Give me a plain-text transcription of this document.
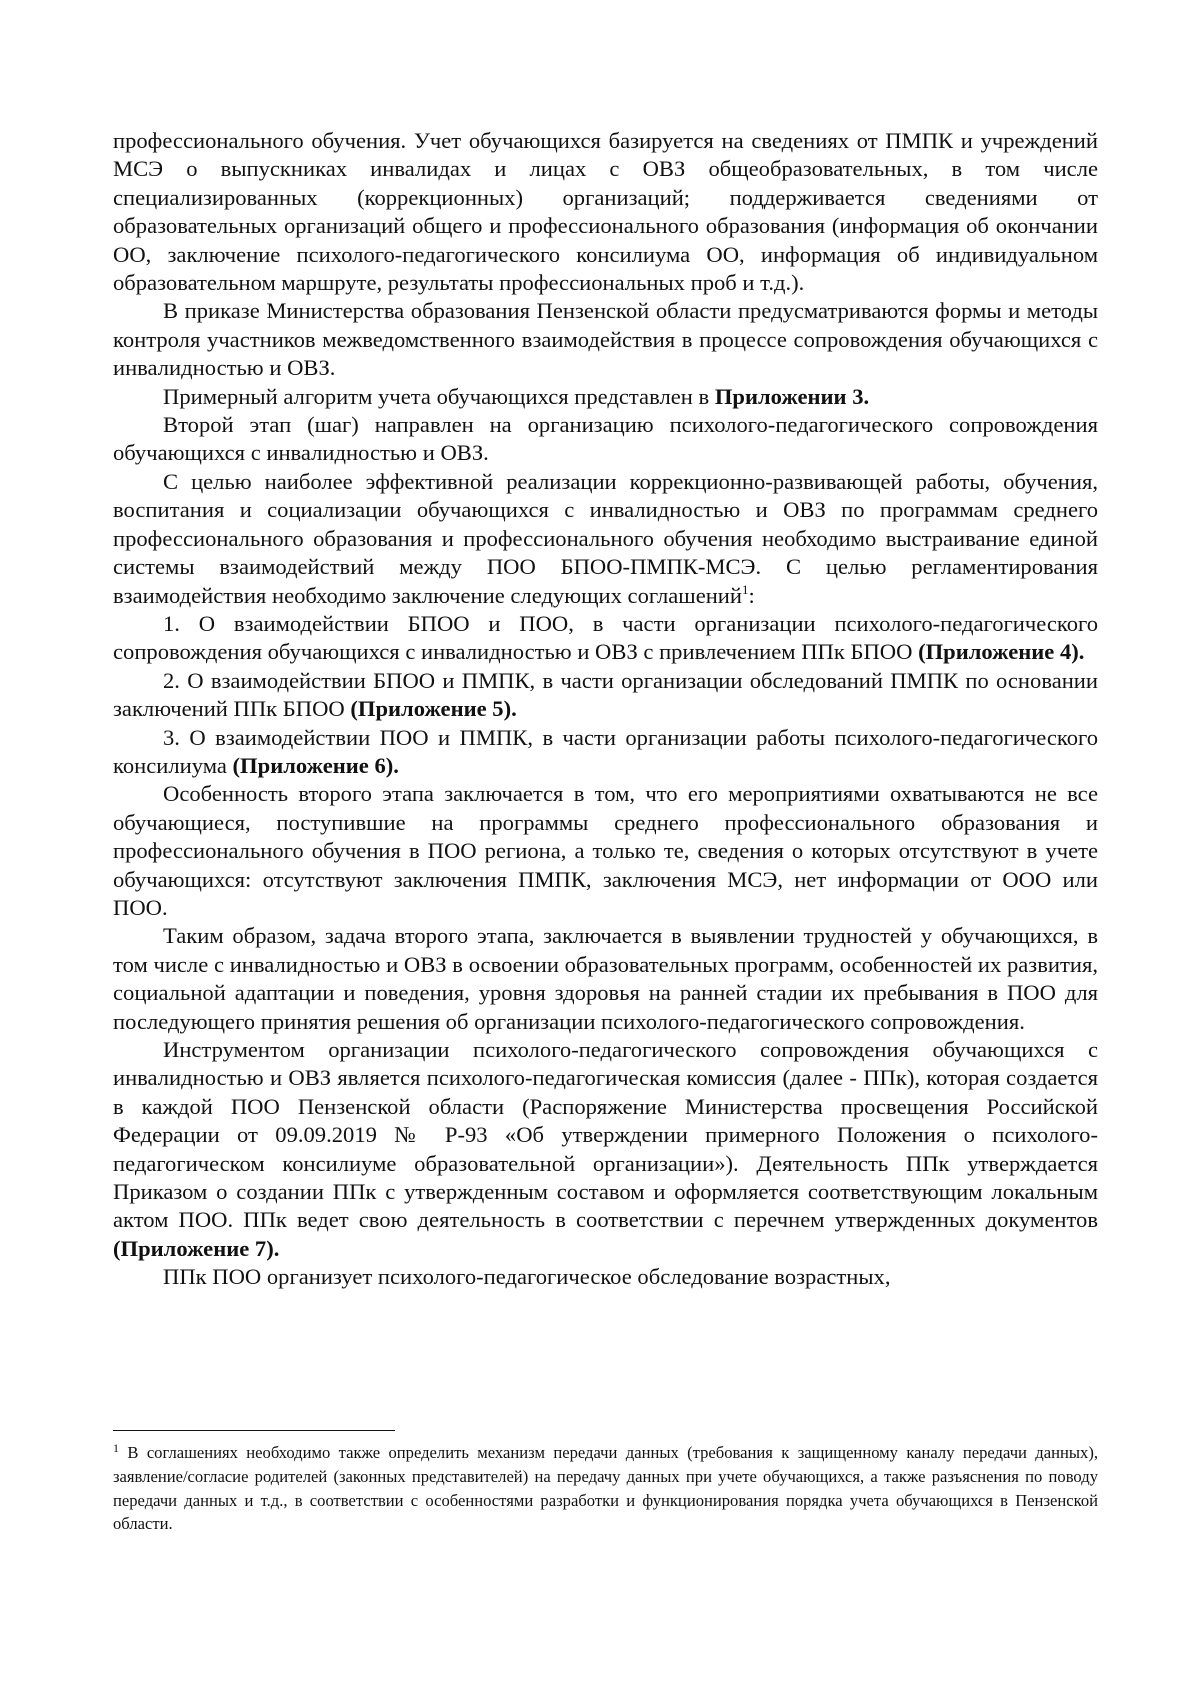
профессионального обучения. Учет обучающихся базируется на сведениях от ПМПК и учреждений МСЭ о выпускниках инвалидах и лицах с ОВЗ общеобразовательных, в том числе специализированных (коррекционных) организаций; поддерживается сведениями от образовательных организаций общего и профессионального образования (информация об окончании ОО, заключение психолого-педагогического консилиума ОО, информация об индивидуальном образовательном маршруте, результаты профессиональных проб и т.д.).

В приказе Министерства образования Пензенской области предусматриваются формы и методы контроля участников межведомственного взаимодействия в процессе сопровождения обучающихся с инвалидностью и ОВЗ.

Примерный алгоритм учета обучающихся представлен в Приложении 3.

Второй этап (шаг) направлен на организацию психолого-педагогического сопровождения обучающихся с инвалидностью и ОВЗ.

С целью наиболее эффективной реализации коррекционно-развивающей работы, обучения, воспитания и социализации обучающихся с инвалидностью и ОВЗ по программам среднего профессионального образования и профессионального обучения необходимо выстраивание единой системы взаимодействий между ПОО БПОО-ПМПК-МСЭ. С целью регламентирования взаимодействия необходимо заключение следующих соглашений$^1$:

1. О взаимодействии БПОО и ПОО, в части организации психолого-педагогического сопровождения обучающихся с инвалидностью и ОВЗ с привлечением ППк БПОО (Приложение 4).

2. О взаимодействии БПОО и ПМПК, в части организации обследований ПМПК по основании заключений ППк БПОО (Приложение 5).

3. О взаимодействии ПОО и ПМПК, в части организации работы психолого-педагогического консилиума (Приложение 6).

Особенность второго этапа заключается в том, что его мероприятиями охватываются не все обучающиеся, поступившие на программы среднего профессионального образования и профессионального обучения в ПОО региона, а только те, сведения о которых отсутствуют в учете обучающихся: отсутствуют заключения ПМПК, заключения МСЭ, нет информации от ООО или ПОО.

Таким образом, задача второго этапа, заключается в выявлении трудностей у обучающихся, в том числе с инвалидностью и ОВЗ в освоении образовательных программ, особенностей их развития, социальной адаптации и поведения, уровня здоровья на ранней стадии их пребывания в ПОО для последующего принятия решения об организации психолого-педагогического сопровождения.

Инструментом организации психолого-педагогического сопровождения обучающихся с инвалидностью и ОВЗ является психолого-педагогическая комиссия (далее - ППк), которая создается в каждой ПОО Пензенской области (Распоряжение Министерства просвещения Российской Федерации от 09.09.2019 № Р-93 «Об утверждении примерного Положения о психолого-педагогическом консилиуме образовательной организации»). Деятельность ППк утверждается Приказом о создании ППк с утвержденным составом и оформляется соответствующим локальным актом ПОО. ППк ведет свою деятельность в соответствии с перечнем утвержденных документов (Приложение 7).

ППк ПОО организует психолого-педагогическое обследование возрастных,

$^1$ В соглашениях необходимо также определить механизм передачи данных (требования к защищенному каналу передачи данных), заявление/согласие родителей (законных представителей) на передачу данных при учете обучающихся, а также разъяснения по поводу передачи данных и т.д., в соответствии с особенностями разработки и функционирования порядка учета обучающихся в Пензенской области.
